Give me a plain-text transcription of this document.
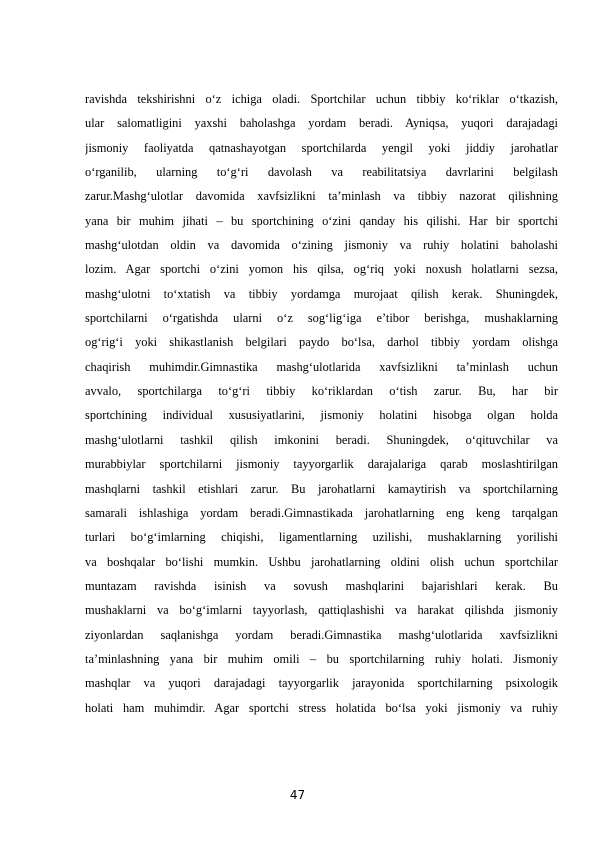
ravishda tekshirishni o‘z ichiga oladi. Sportchilar uchun tibbiy ko‘riklar o‘tkazish,
ular salomatligini yaxshi baholashga yordam beradi. Ayniqsa, yuqori darajadagi
jismoniy faoliyatda qatnashayotgan sportchilarda yengil yoki jiddiy jarohatlar
o‘rganilib, ularning to‘g‘ri davolash va reabilitatsiya davrlarini belgilash
zarur.Mashg‘ulotlar davomida xavfsizlikni ta’minlash va tibbiy nazorat qilishning
yana bir muhim jihati – bu sportchining o‘zini qanday his qilishi. Har bir sportchi
mashg‘ulotdan oldin va davomida o‘zining jismoniy va ruhiy holatini baholashi
lozim. Agar sportchi o‘zini yomon his qilsa, og‘riq yoki noxush holatlarni sezsa,
mashg‘ulotni to‘xtatish va tibbiy yordamga murojaat qilish kerak. Shuningdek,
sportchilarni o‘rgatishda ularni o‘z sog‘lig‘iga e’tibor berishga, mushaklarning
og‘rig‘i yoki shikastlanish belgilari paydo bo‘lsa, darhol tibbiy yordam olishga
chaqirish muhimdir.Gimnastika mashg‘ulotlarida xavfsizlikni ta’minlash uchun
avvalo, sportchilarga to‘g‘ri tibbiy ko‘riklardan o‘tish zarur. Bu, har bir
sportchining individual xususiyatlarini, jismoniy holatini hisobga olgan holda
mashg‘ulotlarni tashkil qilish imkonini beradi. Shuningdek, o‘qituvchilar va
murabbiylar sportchilarni jismoniy tayyorgarlik darajalariga qarab moslashtirilgan
mashqlarni tashkil etishlari zarur. Bu jarohatlarni kamaytirish va sportchilarning
samarali ishlashiga yordam beradi.Gimnastikada jarohatlarning eng keng tarqalgan
turlari bo‘g‘imlarning chiqishi, ligamentlarning uzilishi, mushaklarning yorilishi
va boshqalar bo‘lishi mumkin. Ushbu jarohatlarning oldini olish uchun sportchilar
muntazam ravishda isinish va sovush mashqlarini bajarishlari kerak. Bu
mushaklarni va bo‘g‘imlarni tayyorlash, qattiqlashishi va harakat qilishda jismoniy
ziyonlardan saqlanishga yordam beradi.Gimnastika mashg‘ulotlarida xavfsizlikni
ta’minlashning yana bir muhim omili – bu sportchilarning ruhiy holati. Jismoniy
mashqlar va yuqori darajadagi tayyorgarlik jarayonida sportchilarning psixologik
holati ham muhimdir. Agar sportchi stress holatida bo‘lsa yoki jismoniy va ruhiy
47
